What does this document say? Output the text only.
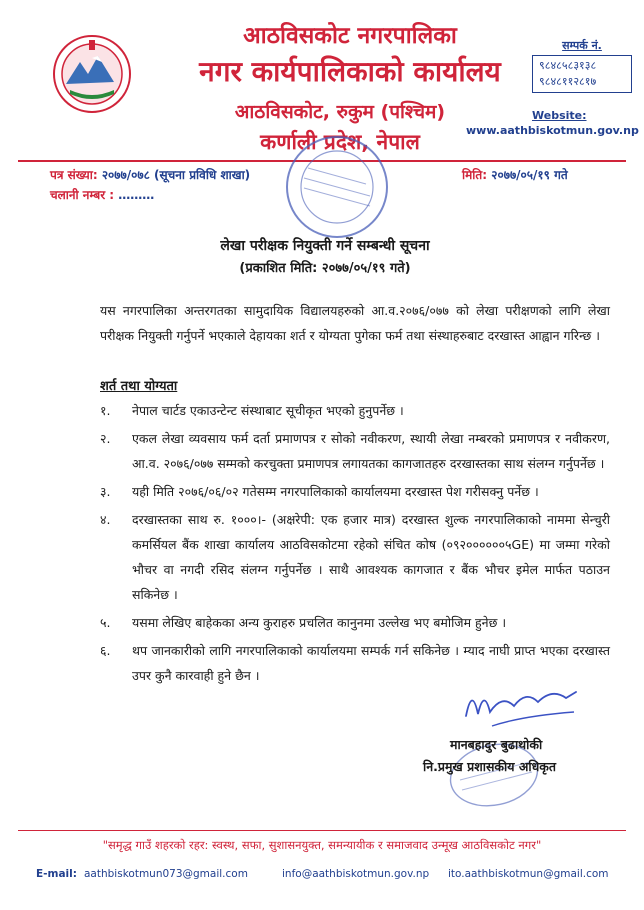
आठविसकोट नगरपालिका
नगर कार्यपालिकाको कार्यालय
आठविसकोट, रुकुम (पश्चिम)
कर्णाली प्रदेश, नेपाल
सम्पर्क नं.
९८४८५८३१३८
९८४८११२८१७
Website:
www.aathbiskotmun.gov.np
पत्र संख्या: २०७७/०७८ (सूचना प्रविधि शाखा)	मिति: २०७७/०५/१९ गते
चलानी नम्बर : ………
लेखा परीक्षक नियुक्ती गर्ने सम्बन्धी सूचना
(प्रकाशित मिति: २०७७/०५/१९ गते)
यस नगरपालिका अन्तरगतका सामुदायिक विद्यालयहरुको आ.व.२०७६/०७७ को लेखा परीक्षणको लागि लेखा परीक्षक नियुक्ती गर्नुपर्ने भएकाले देहायका शर्त र योग्यता पुगेका फर्म तथा संस्थाहरुबाट दरखास्त आह्वान गरिन्छ ।
शर्त तथा योग्यता
१.	नेपाल चार्टड एकाउन्टेन्ट संस्थाबाट सूचीकृत भएको हुनुपर्नेछ ।
२.	एकल लेखा व्यवसाय फर्म दर्ता प्रमाणपत्र र सोको नवीकरण, स्थायी लेखा नम्बरको प्रमाणपत्र र नवीकरण, आ.व. २०७६/०७७ सम्मको करचुक्ता प्रमाणपत्र लगायतका कागजातहरु दरखास्तका साथ संलग्न गर्नुपर्नेछ ।
३.	यही मिति २०७६/०६/०२ गतेसम्म नगरपालिकाको कार्यालयमा दरखास्त पेश गरीसक्नु पर्नेछ ।
४.	दरखास्तका साथ रु. १०००।- (अक्षरेपी: एक हजार मात्र) दरखास्त शुल्क नगरपालिकाको नाममा सेन्चुरी कमर्सियल बैंक शाखा कार्यालय आठविसकोटमा रहेको संचित कोष (०९२००००००५GE) मा जम्मा गरेको भौचर वा नगदी रसिद संलग्न गर्नुपर्नेछ । साथै आवश्यक कागजात र बैंक भौचर इमेल मार्फत पठाउन सकिनेछ ।
५.	यसमा लेखिए बाहेकका अन्य कुराहरु प्रचलित कानुनमा उल्लेख भए बमोजिम हुनेछ ।
६.	थप जानकारीको लागि नगरपालिकाको कार्यालयमा सम्पर्क गर्न सकिनेछ । म्याद नाघी प्राप्त भएका दरखास्त उपर कुनै कारवाही हुने छैन ।
मानबहादुर बुढाथोकी
नि.प्रमुख प्रशासकीय अधिकृत
"समृद्ध गाउँ शहरको रहर: स्वस्थ, सफा, सुशासनयुक्त, समन्यायीक र समाजवाद उन्मूख आठविसकोट नगर"
E-mail: aathbiskotmun073@gmail.com	info@aathbiskotmun.gov.np ito.aathbiskotmun@gmail.com
